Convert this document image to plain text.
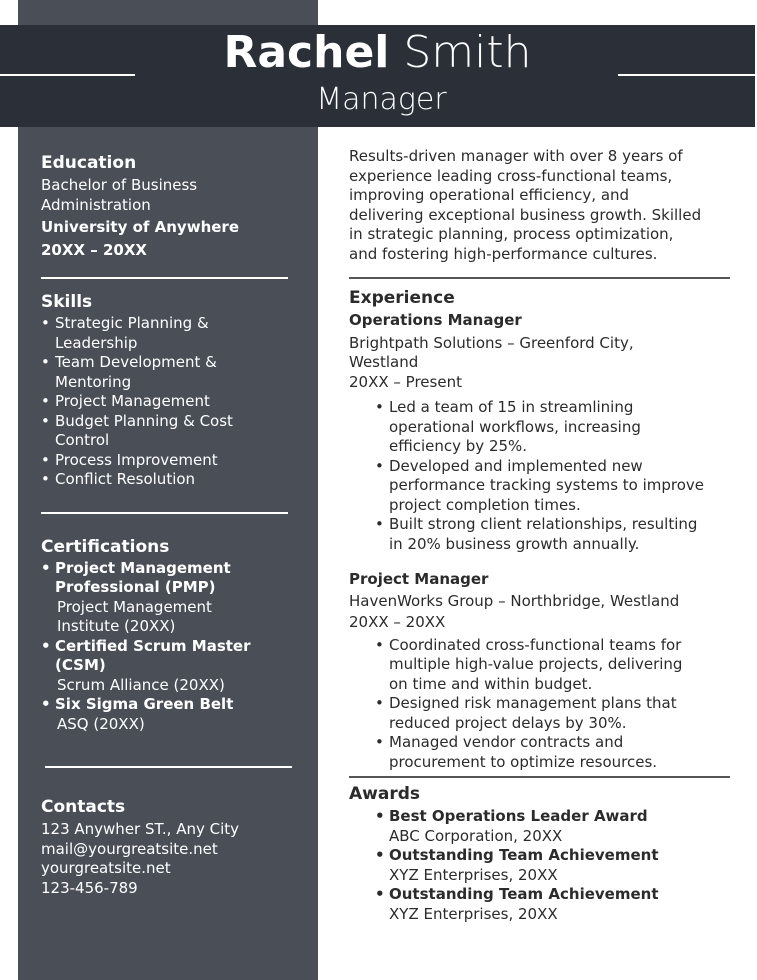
Rachel Smith
Manager
Education
Bachelor of Business
Administration
University of Anywhere
20XX – 20XX
Skills
• Strategic Planning &
Leadership
• Team Development &
Mentoring
• Project Management
• Budget Planning & Cost
Control
• Process Improvement
• Conflict Resolution
Certifications
• Project Management
Professional (PMP)
Project Management
Institute (20XX)
• Certified Scrum Master
(CSM)
Scrum Alliance (20XX)
• Six Sigma Green Belt
ASQ (20XX)
Contacts
123 Anywher ST., Any City
mail@yourgreatsite.net
yourgreatsite.net
123-456-789
Results-driven manager with over 8 years of
experience leading cross-functional teams,
improving operational efficiency, and
delivering exceptional business growth. Skilled
in strategic planning, process optimization,
and fostering high-performance cultures.
Experience
Operations Manager
Brightpath Solutions – Greenford City,
Westland
20XX – Present
• Led a team of 15 in streamlining
operational workflows, increasing
efficiency by 25%.
• Developed and implemented new
performance tracking systems to improve
project completion times.
• Built strong client relationships, resulting
in 20% business growth annually.
Project Manager
HavenWorks Group – Northbridge, Westland
20XX – 20XX
• Coordinated cross-functional teams for
multiple high-value projects, delivering
on time and within budget.
• Designed risk management plans that
reduced project delays by 30%.
• Managed vendor contracts and
procurement to optimize resources.
Awards
• Best Operations Leader Award
ABC Corporation, 20XX
• Outstanding Team Achievement
XYZ Enterprises, 20XX
• Outstanding Team Achievement
XYZ Enterprises, 20XX
